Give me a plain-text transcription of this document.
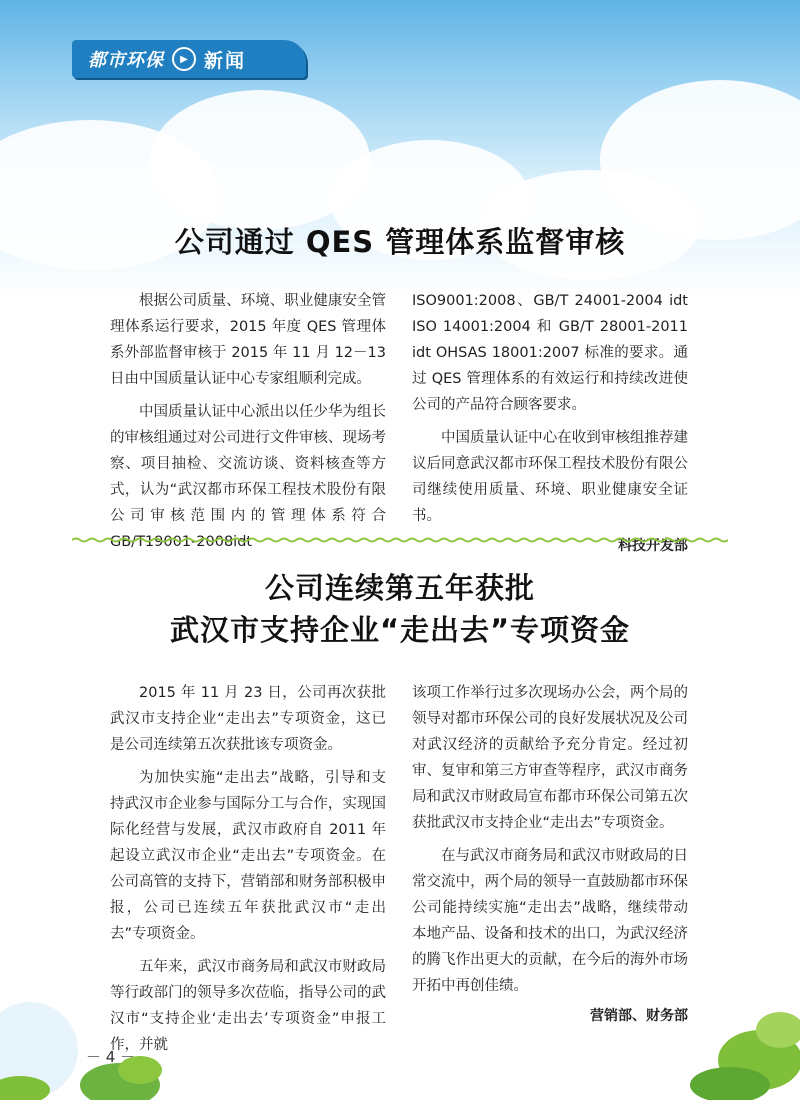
都市环保	▶ 新闻
公司通过 QES 管理体系监督审核

根据公司质量、环境、职业健康安全管理体系运行要求，2015 年度 QES 管理体系外部监督审核于 2015 年 11 月 12－13 日由中国质量认证中心专家组顺利完成。

中国质量认证中心派出以任少华为组长的审核组通过对公司进行文件审核、现场考察、项目抽检、交流访谈、资料核查等方式，认为“武汉都市环保工程技术股份有限公司审核范围内的管理体系符合 GB/T19001-2008idt

ISO9001:2008、GB/T 24001-2004 idt ISO 14001:2004 和 GB/T 28001-2011 idt OHSAS 18001:2007 标准的要求。通过 QES 管理体系的有效运行和持续改进使公司的产品符合顾客要求。

中国质量认证中心在收到审核组推荐建议后同意武汉都市环保工程技术股份有限公司继续使用质量、环境、职业健康安全证书。

科技开发部

公司连续第五年获批
武汉市支持企业“走出去”专项资金

2015 年 11 月 23 日，公司再次获批武汉市支持企业“走出去”专项资金，这已是公司连续第五次获批该专项资金。

为加快实施“走出去”战略，引导和支持武汉市企业参与国际分工与合作，实现国际化经营与发展，武汉市政府自 2011 年起设立武汉市企业“走出去”专项资金。在公司高管的支持下，营销部和财务部积极申报，公司已连续五年获批武汉市“走出去”专项资金。

五年来，武汉市商务局和武汉市财政局等行政部门的领导多次莅临，指导公司的武汉市“支持企业‘走出去’专项资金”申报工作，并就

该项工作举行过多次现场办公会，两个局的领导对都市环保公司的良好发展状况及公司对武汉经济的贡献给予充分肯定。经过初审、复审和第三方审查等程序，武汉市商务局和武汉市财政局宣布都市环保公司第五次获批武汉市支持企业“走出去”专项资金。

在与武汉市商务局和武汉市财政局的日常交流中，两个局的领导一直鼓励都市环保公司能持续实施“走出去”战略，继续带动本地产品、设备和技术的出口，为武汉经济的腾飞作出更大的贡献，在今后的海外市场开拓中再创佳绩。

营销部、财务部

－ 4 －
